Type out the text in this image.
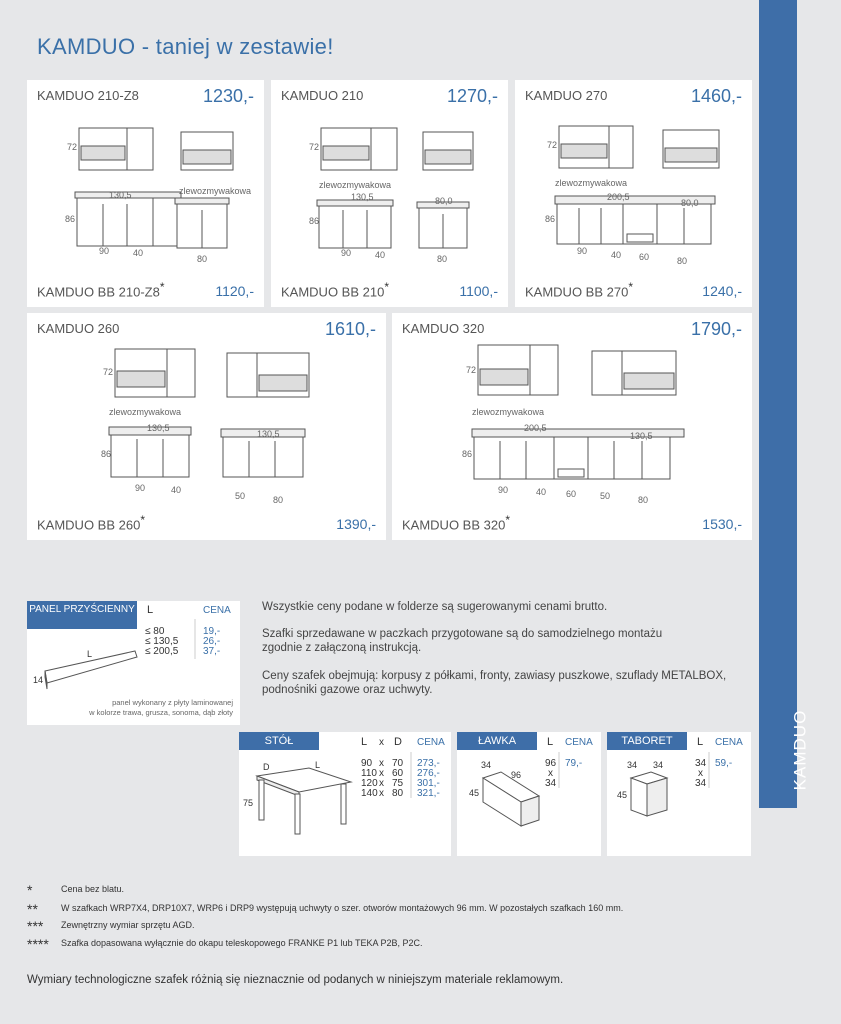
KAMDUO
KAMDUO - taniej w zestawie!
KAMDUO 210-Z8	1230,-
72
86
zlewozmywakowa
130,5
90	40
80
KAMDUO BB 210-Z8*	1120,-
KAMDUO 210	1270,-
72
86
zlewozmywakowa
130,5	80,0
90	40	80
KAMDUO BB 210*	1100,-
KAMDUO 270	1460,-
72
86
zlewozmywakowa
200,5
80,0
90	40 60	80
KAMDUO BB 270*	1240,-
KAMDUO 260	1610,-
72
86
zlewozmywakowa
130,5
130,5
90	40
50	80
KAMDUO BB 260*	1390,-
KAMDUO 320	1790,-
72
86
zlewozmywakowa
200,5
130,5
90	40 60	50	80
KAMDUO BB 320*	1530,-
L	CENA
≤ 80	19,-
≤ 130,5 26,-
≤ 200,5 37,-
L
14
panel wykonany z płyty laminowanej
w kolorze trawa, grusza, sonoma, dąb złoty
PANEL PRZYŚCIENNY	Wszystkie ceny podane w folderze są sugerowanymi cenami brutto.
Szafki sprzedawane w paczkach przygotowane są do samodzielnego montażu
zgodnie z załączoną instrukcją.
Ceny szafek obejmują: korpusy z półkami, fronty, zawiasy puszkowe, szuflady METALBOX,
podnośniki gazowe oraz uchwyty.
L x D CENA
90 x 70 273,-
110 x 60 276,-
120 x 75 301,-
140 x 80 321,-
D	L
75
STÓŁ	L CENA
96
x
34
79,-
34
96
45
ŁAWKA	L CENA
34
x
34
59,-
34 34
45
TABORET
*	Cena bez blatu.
**	W szafkach WRP7X4, DRP10X7, WRP6 i DRP9 występują uchwyty o szer. otworów montażowych 96 mm. W pozostałych szafkach 160 mm.
*** Zewnętrzny wymiar sprzętu AGD.
**** Szafka dopasowana wyłącznie do okapu teleskopowego FRANKE P1 lub TEKA P2B, P2C.
Wymiary technologiczne szafek różnią się nieznacznie od podanych w niniejszym materiale reklamowym.
